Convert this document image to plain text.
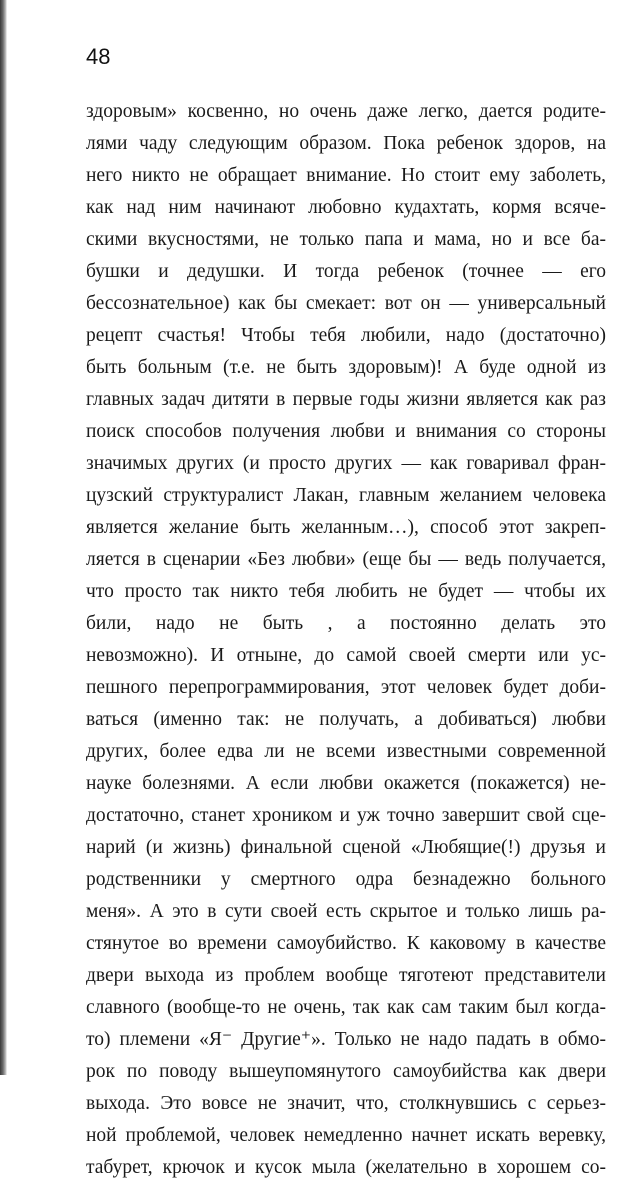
48
здоровым» косвенно, но очень даже легко, дается родите-
лями чаду следующим образом. Пока ребенок здоров, на
него никто не обращает внимание. Но стоит ему заболеть,
как над ним начинают любовно кудахтать, кормя всяче-
скими вкусностями, не только папа и мама, но и все ба-
бушки и дедушки. И тогда ребенок (точнее — его
бессознательное) как бы смекает: вот он — универсальный
рецепт счастья! Чтобы тебя любили, надо (достаточно)
быть больным (т.е. не быть здоровым)! А буде одной из
главных задач дитяти в первые годы жизни является как раз
поиск способов получения любви и внимания со стороны
значимых других (и просто других — как говаривал фран-
цузский структуралист Лакан, главным желанием человека
является желание быть желанным…), способ этот закреп-
ляется в сценарии «Без любви» (еще бы — ведь получается,
что просто так никто тебя любить не будет — чтобы их
били, надо не быть , а постоянно делать это
невозможно). И отныне, до самой своей смерти или ус-
пешного перепрограммирования, этот человек будет доби-
ваться (именно так: не получать, а добиваться) любви
других, более едва ли не всеми известными современной
науке болезнями. А если любви окажется (покажется) не-
достаточно, станет хроником и уж точно завершит свой сце-
нарий (и жизнь) финальной сценой «Любящие(!) друзья и
родственники у смертного одра безнадежно больного
меня». А это в сути своей есть скрытое и только лишь ра-
стянутое во времени самоубийство. К каковому в качестве
двери выхода из проблем вообще тяготеют представители
славного (вообще-то не очень, так как сам таким был когда-
то) племени «Я⁻ Другие⁺». Только не надо падать в обмо-
рок по поводу вышеупомянутого самоубийства как двери
выхода. Это вовсе не значит, что, столкнувшись с серьез-
ной проблемой, человек немедленно начнет искать веревку,
табурет, крючок и кусок мыла (желательно в хорошем со-
